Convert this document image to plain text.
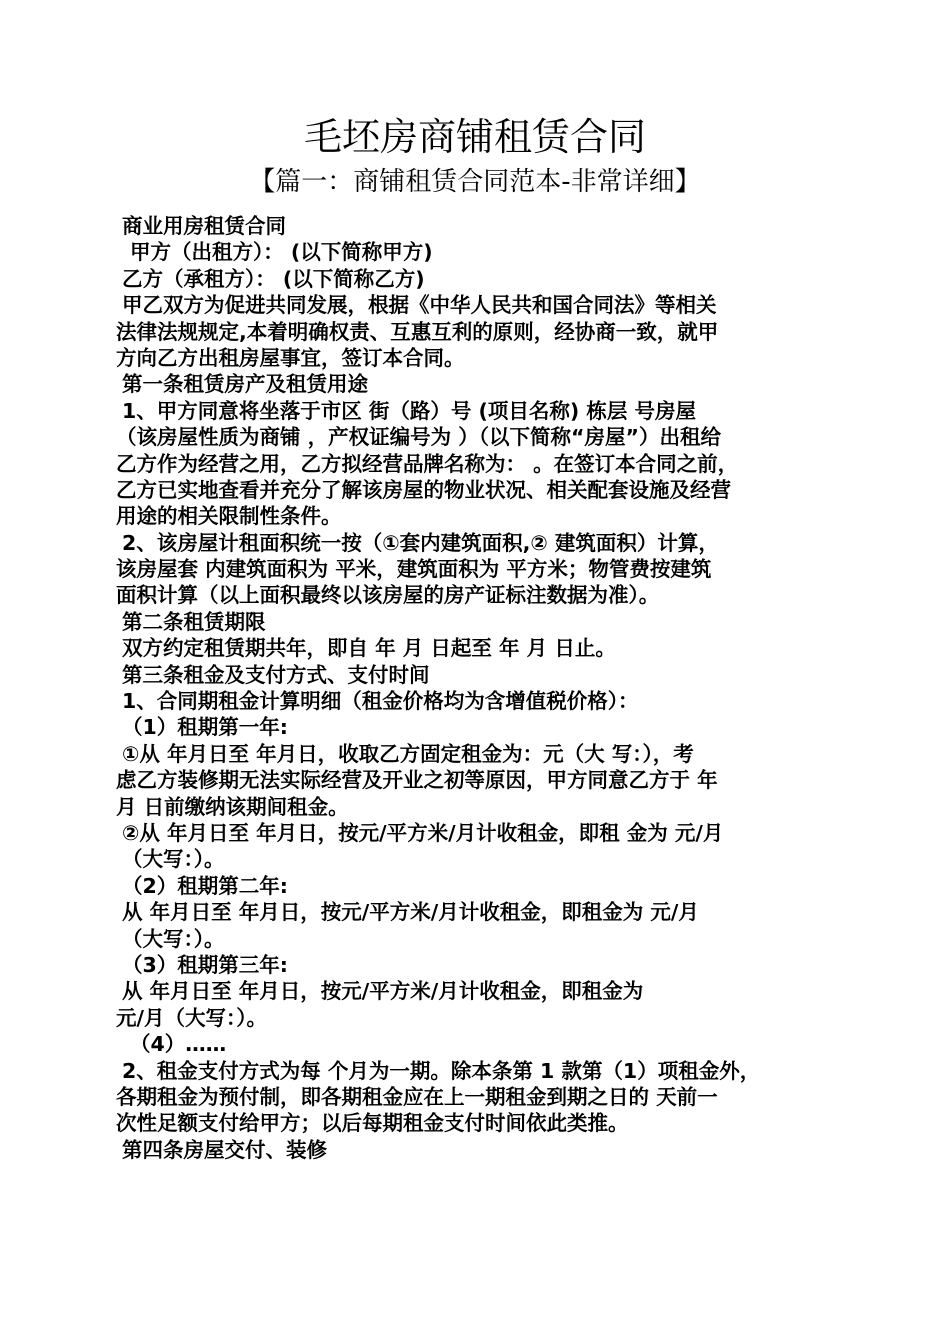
毛坯房商铺租赁合同
【篇一：商铺租赁合同范本-非常详细】
商业用房租赁合同
甲方（出租方）： (以下简称甲方)
乙方（承租方）： (以下简称乙方)
甲乙双方为促进共同发展，根据《中华人民共和国合同法》等相关
法律法规规定,本着明确权责、互惠互利的原则，经协商一致，就甲
方向乙方出租房屋事宜，签订本合同。
第一条租赁房产及租赁用途
1、甲方同意将坐落于市区 街（路）号 (项目名称) 栋层 号房屋
（该房屋性质为商铺 ，产权证编号为 ）（以下简称“房屋”）出租给
乙方作为经营之用，乙方拟经营品牌名称为： 。在签订本合同之前，
乙方已实地查看并充分了解该房屋的物业状况、相关配套设施及经营
用途的相关限制性条件。
2、该房屋计租面积统一按（①套内建筑面积,② 建筑面积）计算，
该房屋套 内建筑面积为 平米，建筑面积为 平方米；物管费按建筑
面积计算（以上面积最终以该房屋的房产证标注数据为准）。
第二条租赁期限
双方约定租赁期共年，即自 年 月 日起至 年 月 日止。
第三条租金及支付方式、支付时间
1、合同期租金计算明细（租金价格均为含增值税价格）：
（1）租期第一年:
①从 年月日至 年月日，收取乙方固定租金为：元（大 写：），考
虑乙方装修期无法实际经营及开业之初等原因，甲方同意乙方于 年
月 日前缴纳该期间租金。
②从 年月日至 年月日，按元/平方米/月计收租金，即租 金为 元/月
（大写：）。
（2）租期第二年:
从 年月日至 年月日，按元/平方米/月计收租金，即租金为 元/月
（大写：）。
（3）租期第三年:
从 年月日至 年月日，按元/平方米/月计收租金，即租金为
元/月（大写：）。
（4）……
2、租金支付方式为每 个月为一期。除本条第 1 款第（1）项租金外，
各期租金为预付制，即各期租金应在上一期租金到期之日的 天前一
次性足额支付给甲方；以后每期租金支付时间依此类推。
第四条房屋交付、装修
